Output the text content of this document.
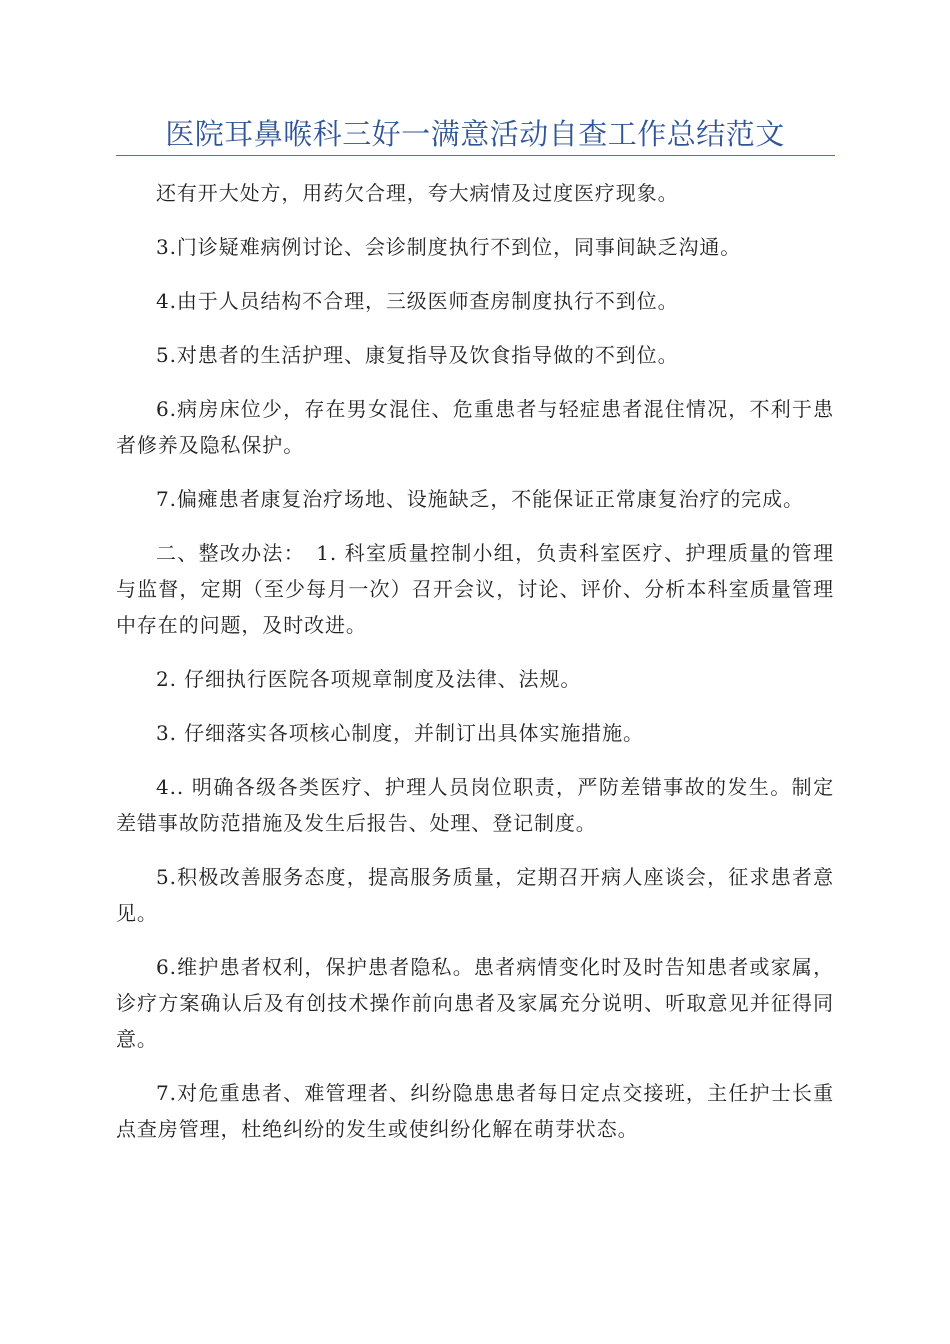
医院耳鼻喉科三好一满意活动自查工作总结范文

还有开大处方，用药欠合理，夸大病情及过度医疗现象。

3.门诊疑难病例讨论、会诊制度执行不到位，同事间缺乏沟通。

4.由于人员结构不合理，三级医师查房制度执行不到位。

5.对患者的生活护理、康复指导及饮食指导做的不到位。

6.病房床位少，存在男女混住、危重患者与轻症患者混住情况，不利于患者修养及隐私保护。

7.偏瘫患者康复治疗场地、设施缺乏，不能保证正常康复治疗的完成。

二、整改办法：　1. 科室质量控制小组，负责科室医疗、护理质量的管理与监督，定期（至少每月一次）召开会议，讨论、评价、分析本科室质量管理中存在的问题，及时改进。

2. 仔细执行医院各项规章制度及法律、法规。

3. 仔细落实各项核心制度，并制订出具体实施措施。

4.. 明确各级各类医疗、护理人员岗位职责，严防差错事故的发生。制定差错事故防范措施及发生后报告、处理、登记制度。

5.积极改善服务态度，提高服务质量，定期召开病人座谈会，征求患者意见。

6.维护患者权利，保护患者隐私。患者病情变化时及时告知患者或家属，诊疗方案确认后及有创技术操作前向患者及家属充分说明、听取意见并征得同意。

7.对危重患者、难管理者、纠纷隐患患者每日定点交接班，主任护士长重点查房管理，杜绝纠纷的发生或使纠纷化解在萌芽状态。
